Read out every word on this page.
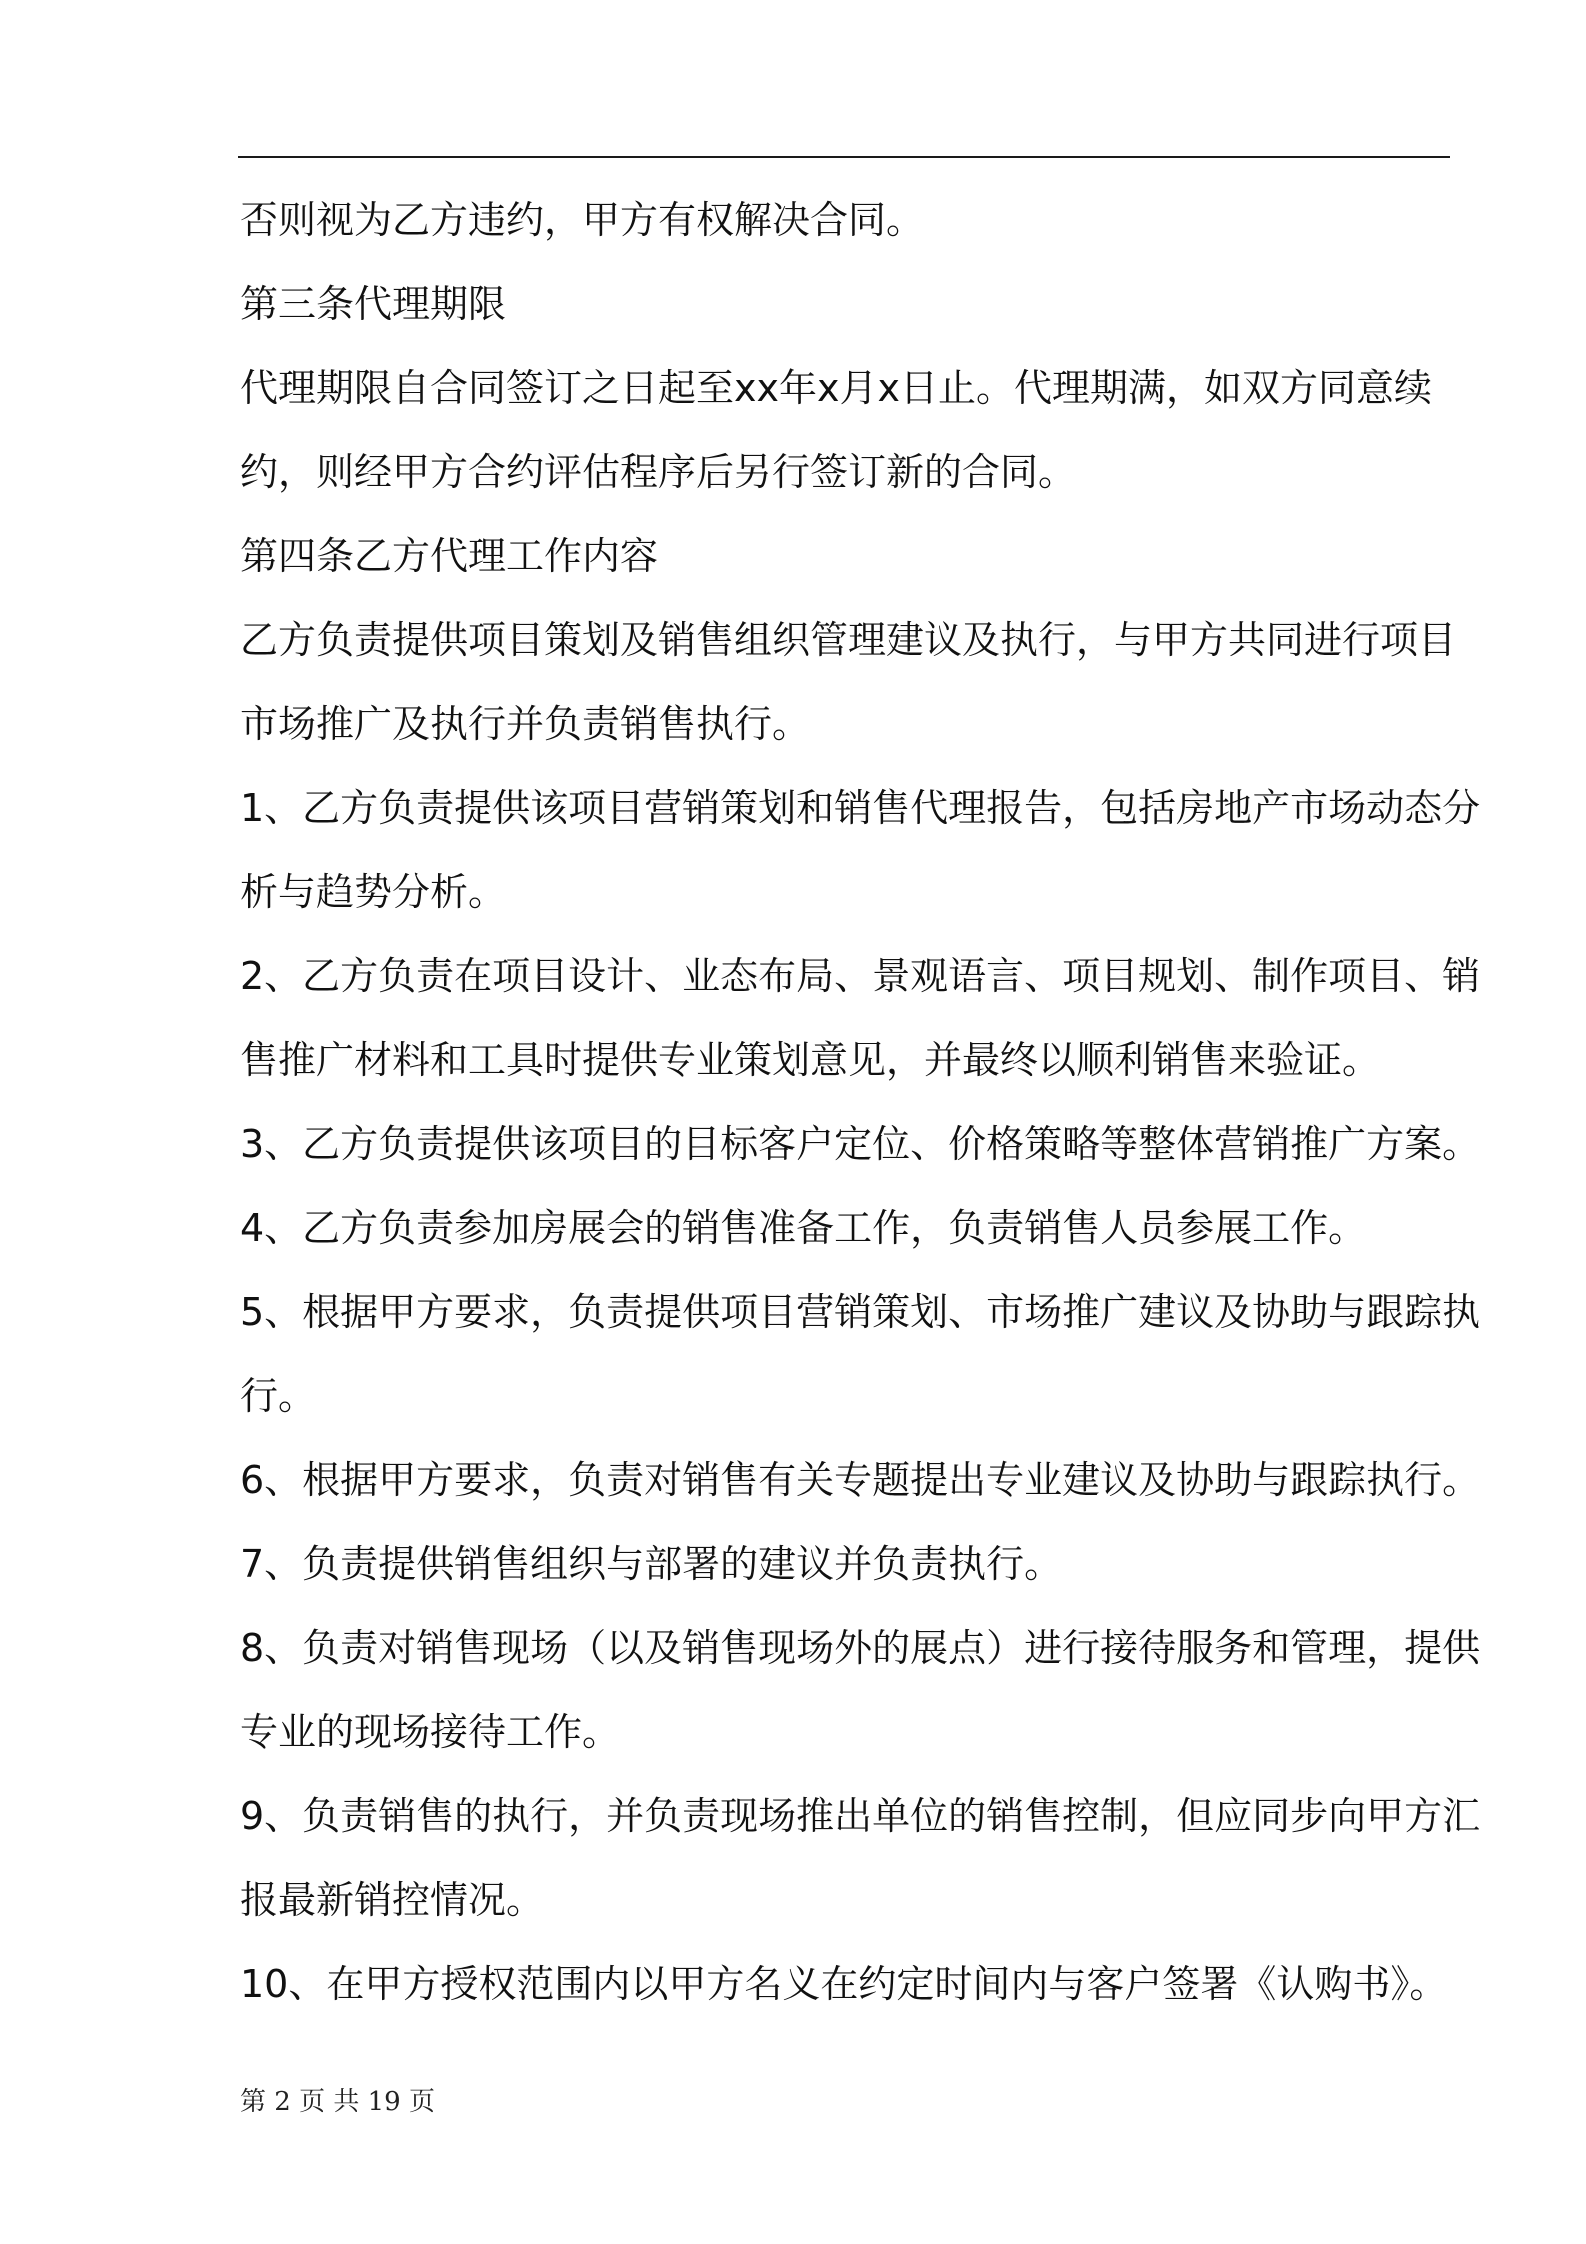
否则视为乙方违约，甲方有权解决合同。
第三条代理期限
代理期限自合同签订之日起至xx年x月x日止。代理期满，如双方同意续
约，则经甲方合约评估程序后另行签订新的合同。
第四条乙方代理工作内容
乙方负责提供项目策划及销售组织管理建议及执行，与甲方共同进行项目
市场推广及执行并负责销售执行。
1、乙方负责提供该项目营销策划和销售代理报告，包括房地产市场动态分
析与趋势分析。
2、乙方负责在项目设计、业态布局、景观语言、项目规划、制作项目、销
售推广材料和工具时提供专业策划意见，并最终以顺利销售来验证。
3、乙方负责提供该项目的目标客户定位、价格策略等整体营销推广方案。
4、乙方负责参加房展会的销售准备工作，负责销售人员参展工作。
5、根据甲方要求，负责提供项目营销策划、市场推广建议及协助与跟踪执
行。
6、根据甲方要求，负责对销售有关专题提出专业建议及协助与跟踪执行。
7、负责提供销售组织与部署的建议并负责执行。
8、负责对销售现场（以及销售现场外的展点）进行接待服务和管理，提供
专业的现场接待工作。
9、负责销售的执行，并负责现场推出单位的销售控制，但应同步向甲方汇
报最新销控情况。
10、在甲方授权范围内以甲方名义在约定时间内与客户签署《认购书》。
第 2 页 共 19 页
